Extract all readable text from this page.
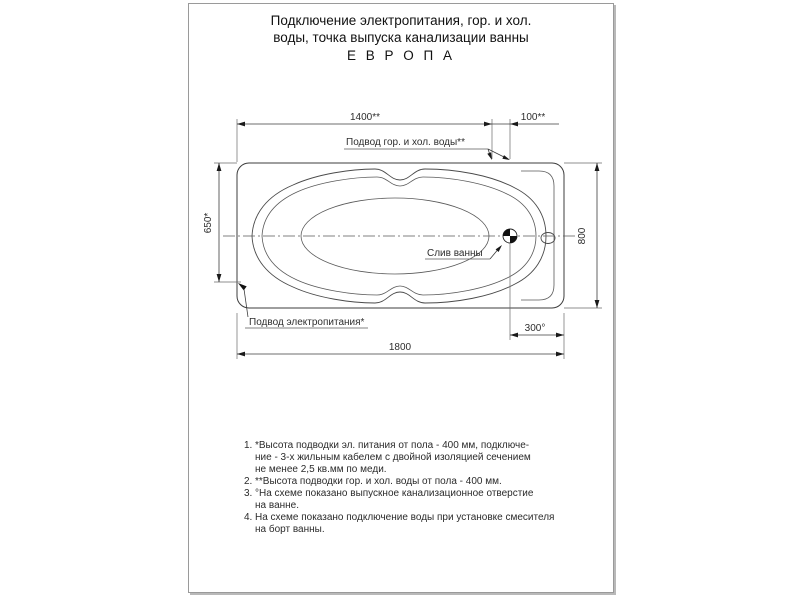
Подключение электропитания, гор. и хол.
воды, точка выпуска канализации ванны
Е В Р О П А
1400**	100**
650*
800
300°
1800
Подвод гор. и хол. воды**
Слив ванны
Подвод электропитания*
1. *Высота подводки эл. питания от пола - 400 мм, подключе-
ние - 3-х жильным кабелем с двойной изоляцией сечением
не менее 2,5 кв.мм по меди.
2. **Высота подводки гор. и хол. воды от пола - 400 мм.
3. °На схеме показано выпускное канализационное отверстие
на ванне.
4. На схеме показано подключение воды при установке смесителя
на борт ванны.
